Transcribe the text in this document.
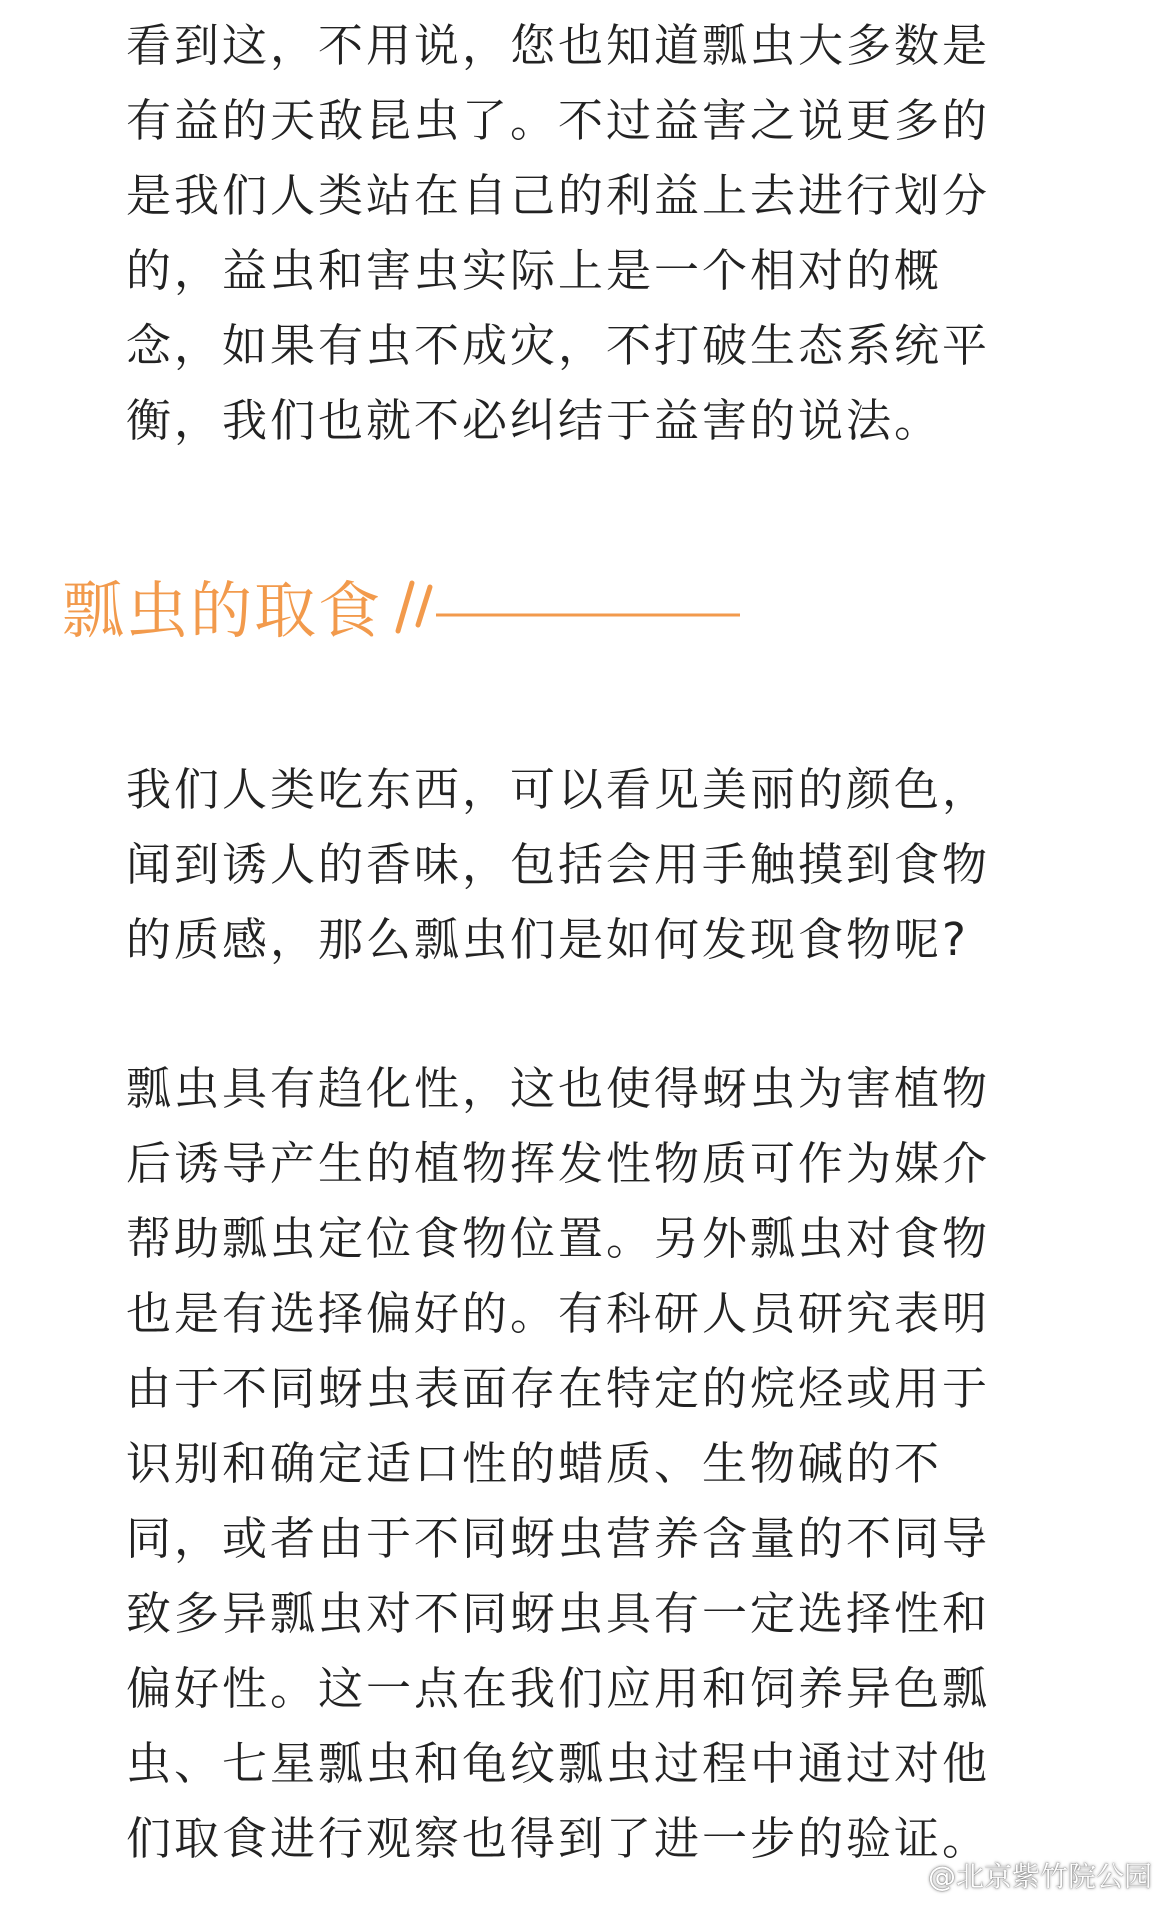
看到这，不用说，您也知道瓢虫大多数是
有益的天敌昆虫了。不过益害之说更多的
是我们人类站在自己的利益上去进行划分
的，益虫和害虫实际上是一个相对的概
念，如果有虫不成灾，不打破生态系统平
衡，我们也就不必纠结于益害的说法。
瓢虫的取食
我们人类吃东西，可以看见美丽的颜色，
闻到诱人的香味，包括会用手触摸到食物
的质感，那么瓢虫们是如何发现食物呢?
瓢虫具有趋化性，这也使得蚜虫为害植物
后诱导产生的植物挥发性物质可作为媒介
帮助瓢虫定位食物位置。另外瓢虫对食物
也是有选择偏好的。有科研人员研究表明
由于不同蚜虫表面存在特定的烷烃或用于
识别和确定适口性的蜡质、生物碱的不
同，或者由于不同蚜虫营养含量的不同导
致多异瓢虫对不同蚜虫具有一定选择性和
偏好性。这一点在我们应用和饲养异色瓢
虫、七星瓢虫和龟纹瓢虫过程中通过对他
们取食进行观察也得到了进一步的验证。
@北京紫竹院公园
